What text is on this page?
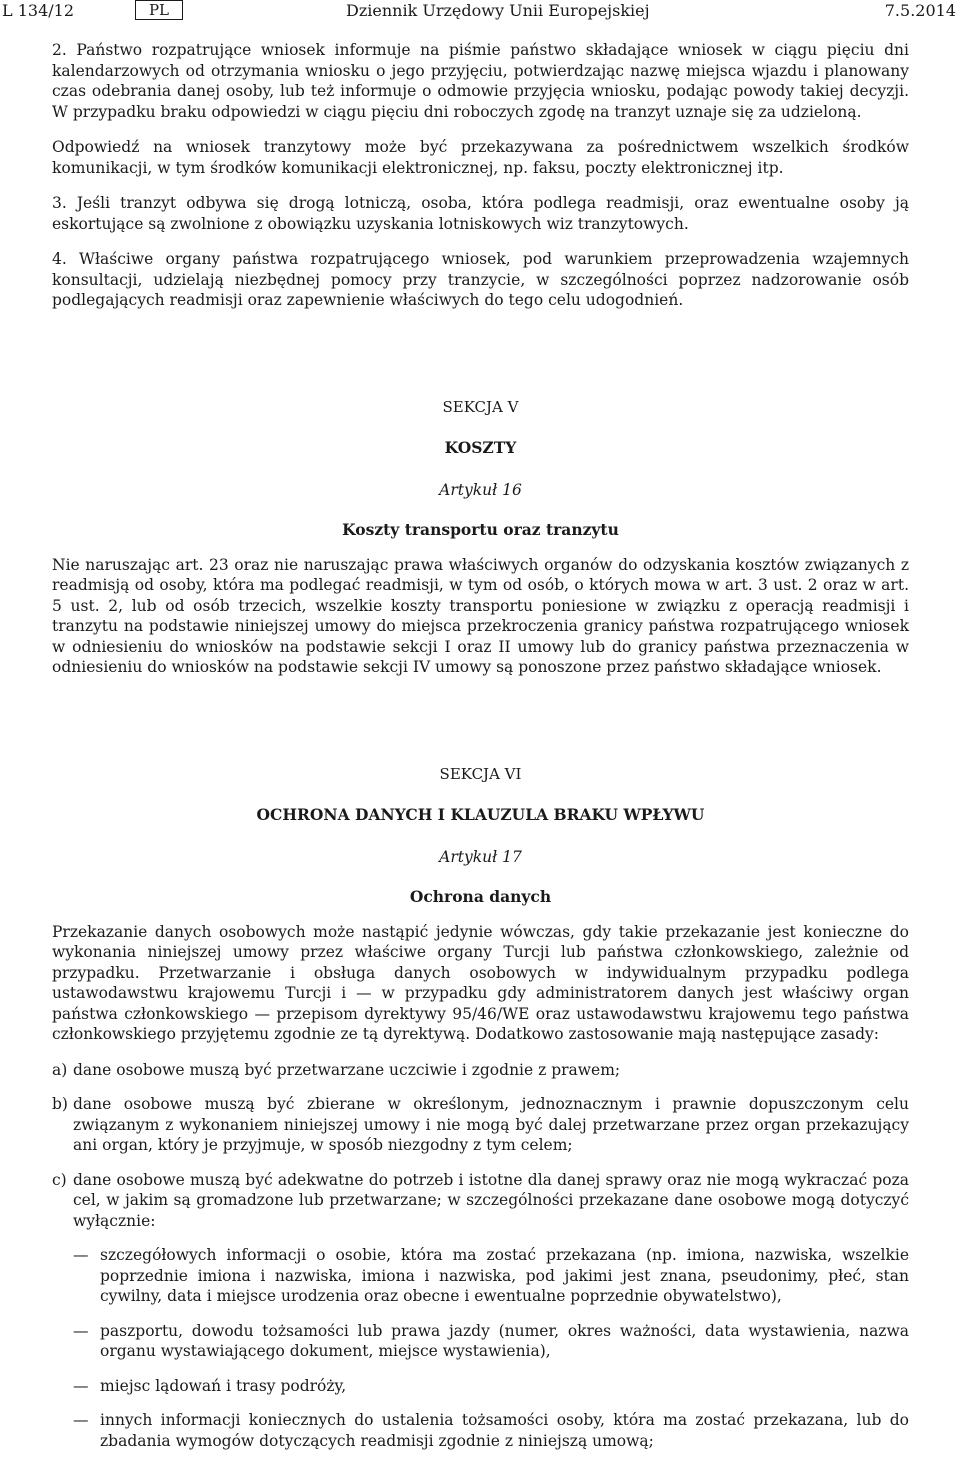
L 134/12	PL	Dziennik Urzędowy Unii Europejskiej	7.5.2014

2. Państwo rozpatrujące wniosek informuje na piśmie państwo składające wniosek w ciągu pięciu dni kalendarzowych od otrzymania wniosku o jego przyjęciu, potwierdzając nazwę miejsca wjazdu i planowany czas odebrania danej osoby, lub też informuje o odmowie przyjęcia wniosku, podając powody takiej decyzji. W przypadku braku odpowiedzi w ciągu pięciu dni roboczych zgodę na tranzyt uznaje się za udzieloną.

Odpowiedź na wniosek tranzytowy może być przekazywana za pośrednictwem wszelkich środków komunikacji, w tym środków komunikacji elektronicznej, np. faksu, poczty elektronicznej itp.

3. Jeśli tranzyt odbywa się drogą lotniczą, osoba, która podlega readmisji, oraz ewentualne osoby ją eskortujące są zwolnione z obowiązku uzyskania lotniskowych wiz tranzytowych.

4. Właściwe organy państwa rozpatrującego wniosek, pod warunkiem przeprowadzenia wzajemnych konsultacji, udzielają niezbędnej pomocy przy tranzycie, w szczególności poprzez nadzorowanie osób podlegających readmisji oraz zapewnienie właściwych do tego celu udogodnień.

SEKCJA V

KOSZTY

Artykuł 16

Koszty transportu oraz tranzytu

Nie naruszając art. 23 oraz nie naruszając prawa właściwych organów do odzyskania kosztów związanych z readmisją od osoby, która ma podlegać readmisji, w tym od osób, o których mowa w art. 3 ust. 2 oraz w art. 5 ust. 2, lub od osób trzecich, wszelkie koszty transportu poniesione w związku z operacją readmisji i tranzytu na podstawie niniejszej umowy do miejsca przekroczenia granicy państwa rozpatrującego wniosek w odniesieniu do wniosków na podstawie sekcji I oraz II umowy lub do granicy państwa przeznaczenia w odniesieniu do wniosków na podstawie sekcji IV umowy są ponoszone przez państwo składające wniosek.

SEKCJA VI

OCHRONA DANYCH I KLAUZULA BRAKU WPŁYWU

Artykuł 17

Ochrona danych

Przekazanie danych osobowych może nastąpić jedynie wówczas, gdy takie przekazanie jest konieczne do wykonania niniejszej umowy przez właściwe organy Turcji lub państwa członkowskiego, zależnie od przypadku. Przetwarzanie i obsługa danych osobowych w indywidualnym przypadku podlega ustawodawstwu krajowemu Turcji i — w przypadku gdy administratorem danych jest właściwy organ państwa członkowskiego — przepisom dyrektywy 95/46/WE oraz ustawodawstwu krajowemu tego państwa członkowskiego przyjętemu zgodnie ze tą dyrektywą. Dodatkowo zastosowanie mają następujące zasady:

a) dane osobowe muszą być przetwarzane uczciwie i zgodnie z prawem;
b) dane osobowe muszą być zbierane w określonym, jednoznacznym i prawnie dopuszczonym celu związanym z wykonaniem niniejszej umowy i nie mogą być dalej przetwarzane przez organ przekazujący ani organ, który je przyjmuje, w sposób niezgodny z tym celem;
c) dane osobowe muszą być adekwatne do potrzeb i istotne dla danej sprawy oraz nie mogą wykraczać poza cel, w jakim są gromadzone lub przetwarzane; w szczególności przekazane dane osobowe mogą dotyczyć wyłącznie:
— szczegółowych informacji o osobie, która ma zostać przekazana (np. imiona, nazwiska, wszelkie poprzednie imiona i nazwiska, imiona i nazwiska, pod jakimi jest znana, pseudonimy, płeć, stan cywilny, data i miejsce urodzenia oraz obecne i ewentualne poprzednie obywatelstwo),
— paszportu, dowodu tożsamości lub prawa jazdy (numer, okres ważności, data wystawienia, nazwa organu wystawiającego dokument, miejsce wystawienia),
— miejsc lądowań i trasy podróży,
— innych informacji koniecznych do ustalenia tożsamości osoby, która ma zostać przekazana, lub do zbadania wymogów dotyczących readmisji zgodnie z niniejszą umową;
